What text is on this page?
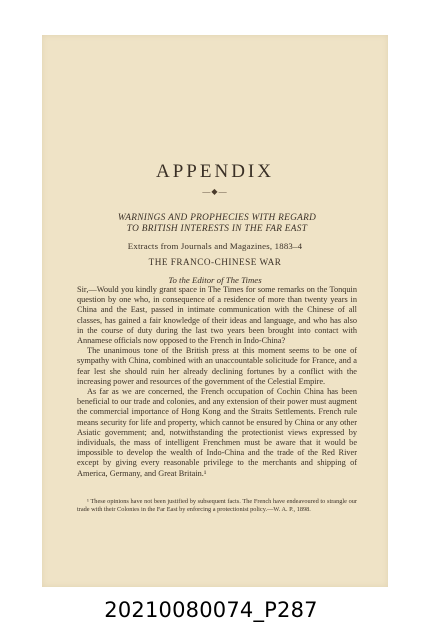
APPENDIX
—◆—
WARNINGS AND PROPHECIES WITH REGARD
TO BRITISH INTERESTS IN THE FAR EAST
Extracts from Journals and Magazines, 1883–4
THE FRANCO-CHINESE WAR
To the Editor of The Times

Sir,—Would you kindly grant space in The Times for some remarks on the Tonquin question by one who, in consequence of a residence of more than twenty years in China and the East, passed in intimate communication with the Chinese of all classes, has gained a fair knowledge of their ideas and language, and who has also in the course of duty during the last two years been brought into contact with Annamese officials now opposed to the French in Indo-China?

The unanimous tone of the British press at this moment seems to be one of sympathy with China, combined with an unaccountable solicitude for France, and a fear lest she should ruin her already declining fortunes by a conflict with the increasing power and resources of the government of the Celestial Empire.

As far as we are concerned, the French occupation of Cochin China has been beneficial to our trade and colonies, and any extension of their power must augment the commercial importance of Hong Kong and the Straits Settlements. French rule means security for life and property, which cannot be ensured by China or any other Asiatic government; and, notwithstanding the protectionist views expressed by individuals, the mass of intelligent Frenchmen must be aware that it would be impossible to develop the wealth of Indo-China and the trade of the Red River except by giving every reasonable privilege to the merchants and shipping of America, Germany, and Great Britain.¹

¹ These opinions have not been justified by subsequent facts. The French have endeavoured to strangle our trade with their Colonies in the Far East by enforcing a protectionist policy.—W. A. P., 1898.

20210080074_P287
